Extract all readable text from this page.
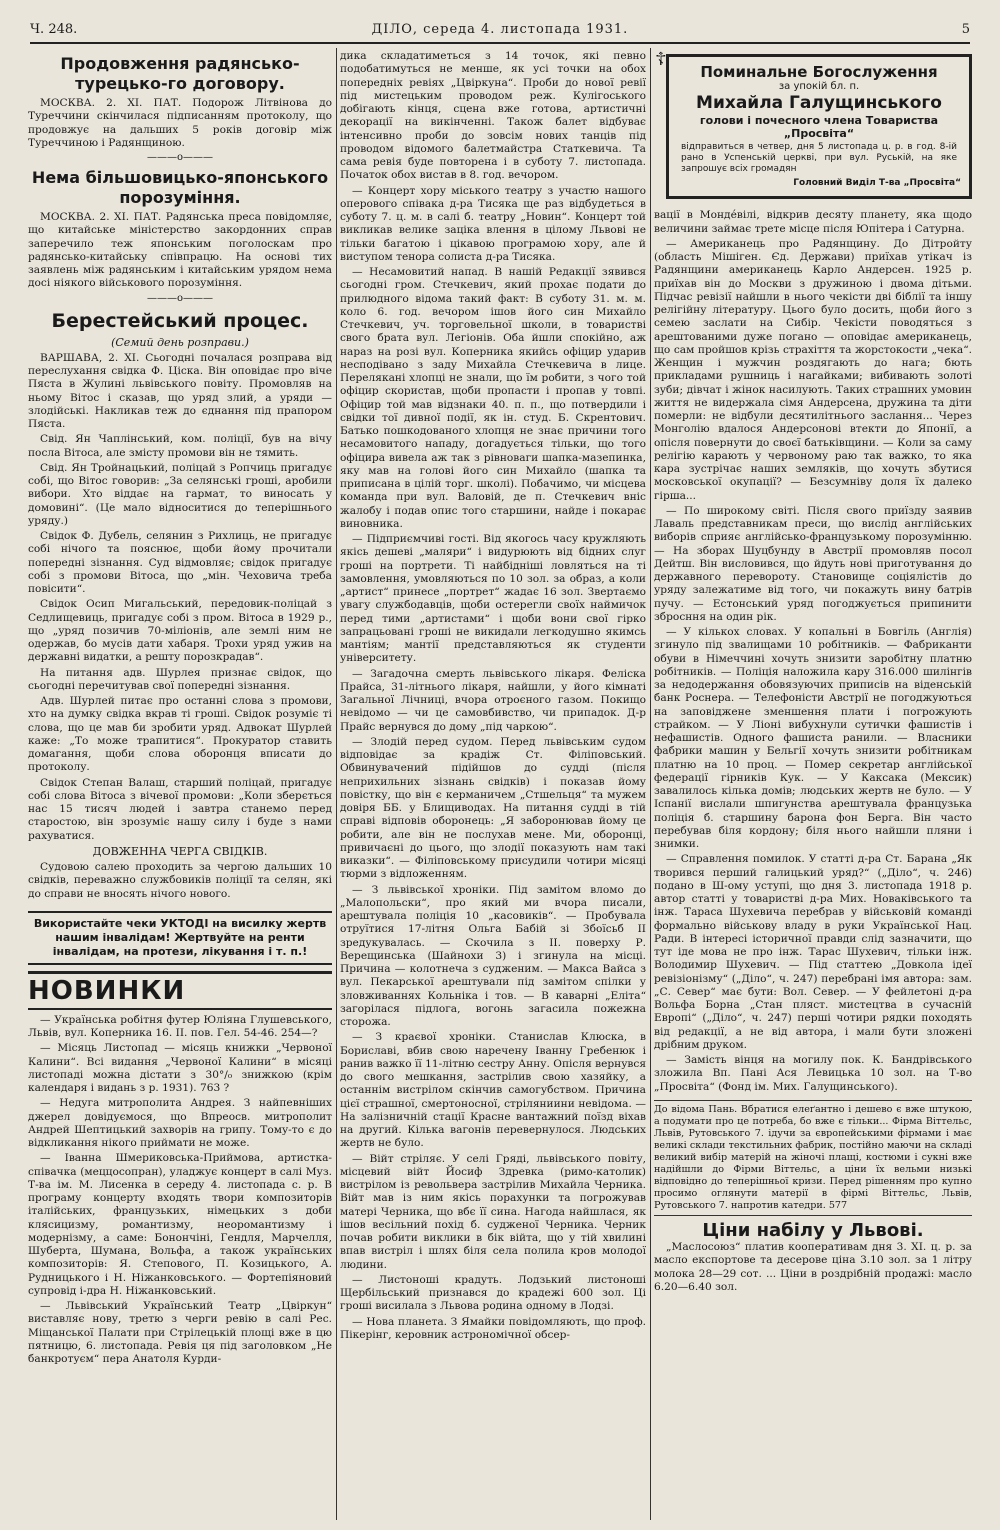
Ч. 248.	ДІЛО, середа 4. листопада 1931.	5
Продовження радянсько-турецько-го договору.

МОСКВА. 2. XI. ПАТ. Подорож Літвінова до Туреччини скінчилася підписанням протоколу, що продовжує на дальших 5 років договір між Туреччиною і Радянщиною.

———o———
Нема більшовицько-японського порозуміння.

МОСКВА. 2. XI. ПАТ. Радянська преса повідомляє, що китайське міністерство закордонних справ заперечило теж японським поголоскам про радянсько-китайську співпрацю. На основі тих заявлень між радянським і китайським урядом нема досі ніякого військового порозуміння.

———o———
Берестейський процес.
(Семий день розправи.)

ВАРШАВА, 2. XI. Сьогодні почалася розправа від переслухання свідка Ф. Ціска. Він оповідає про віче Пяста в Жулині львівського повіту. Промовляв на ньому Вітос і сказав, що уряд злий, а уряди — злодійські. Накликав теж до єднання під прапором Пяста.

Свід. Ян Чаплінський, ком. поліції, був на вічу посла Вітоса, але змісту промови він не тямить.

Свід. Ян Тройнацький, поліцай з Ропчиць пригадує собі, що Вітос говорив: „За селянські гроші, аробили вибори. Хто віддає на гармат, то виносать у домовині“. (Це мало відноситися до теперішнього уряду.)

Свідок Ф. Дубель, селянин з Рихлиць, не пригадує собі нічого та пояснює, щоби йому прочитали попередні зізнання. Суд відмовляє; свідок пригадує собі з промови Вітоса, що „мін. Чеховича треба повісити“.

Свідок Осип Мигальський, передовик-поліцай з Седлищевиць, пригадує собі з пром. Вітоса в 1929 р., що „уряд позичив 70-міліонів, але землі ним не одержав, бо мусів дати хабаря. Трохи уряд ужив на державні видатки, а решту порозкрадав“.

На питання адв. Шурлея признає свідок, що сьогодні перечитував свої попередні зізнання.

Адв. Шурлей питає про останні слова з промови, хто на думку свідка вкрав ті гроші. Свідок розуміє ті слова, що це мав би зробити уряд. Адвокат Шурлей каже: „То може трапитися“. Прокуратор ставить домагання, щоби слова оборонця вписати до протоколу.

Свідок Степан Валаш, старший поліцай, пригадує собі слова Вітоса з вічевої промови: „Коли зберється нас 15 тисяч людей і завтра станемо перед старостою, він зрозуміє нашу силу і буде з нами рахуватися.

ДОВЖЕННА ЧЕРГА СВІДКІВ.

Судовою салею проходить за чергою дальших 10 свідків, переважно службовиків поліції та селян, які до справи не вносять нічого нового.

Використайте чеки УКТОДІ на висилку жертв нашим інвалідам! Жертвуйте на ренти інвалідам, на протези, лікування і т. п.!
НОВИНКИ

— Українська робітня футер Юліяна Глушевського, Львів, вул. Коперника 16. II. пов. Гел. 54-46. 254—?

— Місяць Листопад — місяць книжки „Червоної Калини“. Всі видання „Червоної Калини“ в місяці листопаді можна дістати з 30°/₀ знижкою (крім календаря і видань з р. 1931). 763 ?

— Недуга митрополита Андрея. З найпевніших джерел довідуємося, що Впреосв. митрополит Андрей Шептицький захворів на грипу. Тому-то є до відкликання нікого приймати не може.

— Іванна Шмериковська-Приймова, артистка-співачка (меццосопран), уладжує концерт в салі Муз. Т-ва ім. М. Лисенка в середу 4. листопада с. р. В програму концерту входять твори композиторів італійських, французьких, німецьких з доби клясицизму, романтизму, неоромантизму і модернізму, а саме: Бонончіні, Гендля, Марчелля, Шуберта, Шумана, Вольфа, а також українських композиторів: Я. Степового, П. Козицького, А. Рудницького і Н. Ніжанковського. — Фортепіяновий супровід і-дра Н. Ніжанковський.

— Львівський Український Театр „Цвіркун“ виставляє нову, третю з черги ревію в салі Рес. Міщанської Палати при Стрілецькій площі вже в цю пятницю, 6. листопада. Ревія ця під заголовком „Не банкротуєм“ пера Анатоля Курди-

дика складатиметься з 14 точок, які певно подобатимуться не менше, як усі точки на обох попередніх ревіях „Цвіркуна“. Проби до нової ревії під мистецьким проводом реж. Кулігоського добігають кінця, сцена вже готова, артистичні декорації на викінченні. Також балет відбуває інтенсивно проби до зовсім нових танців під проводом відомого балетмайстра Статкевича. Та сама ревія буде повторена і в суботу 7. листопада. Початок обох вистав в 8. год. вечором.

— Концерт хору міського театру з участю нашого оперового співака д-ра Тисяка ще раз відбудеться в суботу 7. ц. м. в салі б. театру „Новин“. Концерт той викликав велике заціка влення в цілому Львові не тільки багатою і цікавою програмою хору, але й виступом тенора солиста д-ра Тисяка.

— Несамовитий напад. В нашій Редакції зявився сьогодні гром. Стечкевич, який прохає подати до прилюдного відома такий факт: В суботу 31. м. м. коло 6. год. вечором ішов його син Михайло Стечкевич, уч. торговельної школи, в товаристві свого брата вул. Легіонів. Оба йшли спокійно, аж нараз на розі вул. Коперника якийсь офіцир ударив несподівано з заду Михайла Стечкевича в лице. Перелякані хлопці не знали, що їм робити, з чого той офіцир скористав, щоби пропасти і пропав у товпі. Офіцир той мав відзнаки 40. п. п., що потвердили і свідки тої дивної події, як ін. студ. Б. Скрентович. Батько пошкодованого хлопця не знає причини того несамовитого нападу, догадується тільки, що того офіцира вивела аж так з рівноваги шапка-мазепинка, яку мав на голові його син Михайло (шапка та приписана в цілій торг. школі). Побачимо, чи місцева команда при вул. Валовій, де п. Стечкевич вніс жалобу і подав опис того старшини, найде і покарає виновника.

— Підприємчиві гості. Від якогось часу кружляють якісь дешеві „маляри“ і видурюють від бідних слуг гроші на портрети. Ті найбідніші ловляться на ті замовлення, умовляються по 10 зол. за образ, а коли „артист“ принесе „портрет“ жадає 16 зол. Звертаємо увагу службодавців, щоби остерегли своїх наймичок перед тими „артистами“ і щоби вони свої гірко запрацьовані гроші не викидали легкодушно якимсь мантіям; мантії представляються як студенти університету.

— Загадочна смерть львівського лікаря. Феліска Прайса, 31-літнього лікаря, найшли, у його кімнаті Загальної Лічниці, вчора отроєного газом. Покищо невідомо — чи це самовбивство, чи припадок. Д-р Прайс вернувся до дому „під чаркою“.

— Злодій перед судом. Перед львівським судом відповідає за крадіж Ст. Філіповський. Обвинувачений підійшов до судді (після неприхильних зізнань свідків) і показав йому повістку, що він є керманичем „Стшельця“ та мужем довіря ББ. у Блищиводах. На питання судді в тій справі відповів оборонець: „Я заборонював йому це робити, але він не послухав мене. Ми, оборонці, привичаєні до цього, що злодії показують нам такі виказки“. — Філіповському присудили чотири місяці тюрми з відложенням.

— З львівської хроніки. Під замітом вломо до „Малопольски“, про який ми вчора писали, арештувала поліція 10 „касовиків“. — Пробувала отруїтися 17-літня Ольга Бабій зі Збоїсьб II зредукувалась. — Скочила з II. поверху Р. Верещинська (Шайнохи 3) і згинула на місці. Причина — колотнеча з судженим. — Макса Вайса з вул. Пекарської арештували під замітом спілки у зловживаннях Кольніка і тов. — В каварні „Еліта“ загорілася підлога, вогонь загасила пожежна сторожа.

— З краєвої хроніки. Станислав Клюска, в Бориславі, вбив свою наречену Іванну Гребенюк і ранив важко її 11-літню сестру Анну. Опісля вернувся до свого мешкання, застрілив свою хазяйку, а останнім вистрілом скінчив самогубством. Причина цієї страшної, смертоносної, стріляниини невідома. — На залізничній стації Красне вантажний поїзд віхав на другий. Кілька вагонів перевернулося. Людських жертв не було.

— Війт стріляє. У селі Гряді, львівського повіту, місцевий війт Йосиф Здревка (римо-католик) вистрілом із револьвера застрілив Михайла Черника. Війт мав із ним якісь порахунки та погрожував матері Черника, що вбє її сина. Нагода найшлася, як ішов весільний похід б. судженої Черника. Черник почав робити виклики в бік війта, що у тій хвилині впав вистріл і шлях біля села полила кров молодої людини.

— Листоноші крадуть. Лодзький листоноші Щербільський признався до крадежі 600 зол. Ці гроші висилала з Львова родина одному в Лодзі.

— Нова планета. З Ямайки повідомляють, що проф. Пікерінг, керовник астрономічної обсер-

☦
Поминальне Богослуження
за упокій бл. п.
Михайла Галущинського
голови і почесного члена Товариства „Просвіта“
відправиться в четвер, дня 5 листопада ц. р. в год. 8-ій рано в Успенській церкві, при вул. Руській, на яке запрошує всіх громадян
Головний Виділ Т-ва „Просвіта“

вації в Монде́вілі, відкрив десяту планету, яка щодо величини займає трете місце після Юпітера і Сатурна.

— Американець про Радянщину. До Дітройту (область Мішіген. Єд. Держави) приїхав утікач із Радянщини американець Карло Андерсен. 1925 р. приїхав він до Москви з дружиною і двома дітьми. Підчас ревізії найшли в нього чекісти дві біблії та іншу релігійну літературу. Цього було досить, щоби його з семею заслати на Сибір. Чекісти поводяться з арештованими дуже погано — оповідає американець, що сам пройшов крізь страхіття та жорстокости „чека“. Женщин і мужчин роздягають до нага; бють прикладами рушниць і нагайками; вибивають золоті зуби; дівчат і жінок насилують. Таких страшних умовин життя не видержала сімя Андерсена, дружина та діти померли: не відбули десятилітнього заслання... Через Монголію вдалося Андерсонові втекти до Японії, а опісля повернути до своєї батьківщини. — Коли за саму релігію карають у червоному раю так важко, то яка кара зустрічає наших земляків, що хочуть збутися московської окупації? — Безсумніву доля їх далеко гірша...

— По широкому світі. Після свого приїзду заявив Лаваль представникам преси, що вислід англійських виборів сприяє англійсько-французькому порозумінню. — На зборах Шуцбунду в Австрії промовляв посол Дейтш. Він висловився, що йдуть нові приготування до державного перевороту. Становище соціялістів до уряду залежатиме від того, чи покажуть вину батрів пучу. — Естонський уряд погоджується припинити збросння на один рік.

— У кількох словах. У копальні в Бовгіль (Англія) згинуло під звалищами 10 робітників. — Фабриканти обуви в Німеччині хочуть знизити заробітну платню робітників. — Поліція наложила кару 316.000 шилінгів за недодержання обовязуючих приписів на віденській банк Роснера. — Телефоністи Австрії не погоджуються на заповіджене зменшення плати і погрожують страйком. — У Ліоні вибухнули сутички фашистів і нефашистів. Одного фашиста ранили. — Власники фабрики машин у Бельгії хочуть знизити робітникам платню на 10 проц. — Помер секретар англійської федерації гірників Кук. — У Каксака (Мексик) завалилось кілька домів; людських жертв не було. — У Іспанії вислали шпигунства арештувала французька поліція б. старшину барона фон Берга. Він часто перебував біля кордону; біля нього найшли пляни і знимки.

— Справлення помилок. У статті д-ра Ст. Барана „Як творився перший галицький уряд?“ („Діло“, ч. 246) подано в Ш-ому уступі, що дня 3. листопада 1918 р. автор статті у товаристві д-ра Мих. Новаківського та інж. Тараса Шухевича перебрав у військовій команді формально військову владу в руки Української Нац. Ради. В інтересі історичної правди слід зазначити, що тут іде мова не про інж. Тарас Шухевич, тільки інж. Володимир Шухевич. — Під статтею „Довкола ідеї ревізіонізму“ („Діло“, ч. 247) перебрані імя автора: зам. „С. Север“ має бути: Вол. Север. — У фейлетоні д-ра Вольфа Борна „Стан пляст. мистецтва в сучасній Европі“ („Діло“, ч. 247) перші чотири рядки походять від редакції, а не від автора, і мали бути зложені дрібним друком.

— Замість вінця на могилу пок. К. Бандрівського зложила Вп. Пані Ася Левицька 10 зол. на Т-во „Просвіта“ (Фонд ім. Мих. Галущинського).

До відома Пань. Вбратися елеґантно і дешево є вже штукою, а подумати про це потреба, бо вже є тільки... Фірма Віттельс, Львів, Рутовського 7. ідучи за європейськими фірмами і має великі склади текстильних фабрик, постійно маючи на складі великий вибір матерій на жіночі плащі, костюми і сукні вже надійшли до Фірми Віттельс, а ціни їх вельми низькі відповідно до теперішньої кризи. Перед рішенням про купно просимо оглянути матерії в фірмі Віттельс, Львів, Рутовського 7. напротив катедри. 577
Ціни набілу у Львові.

„Маслосоюз“ платив кооперативам дня 3. XI. ц. р. за масло експортове та десерове ціна 3.10 зол. за 1 літру молока 28—29 сот. ... Ціни в роздрібній продажі: масло 6.20—6.40 зол.
